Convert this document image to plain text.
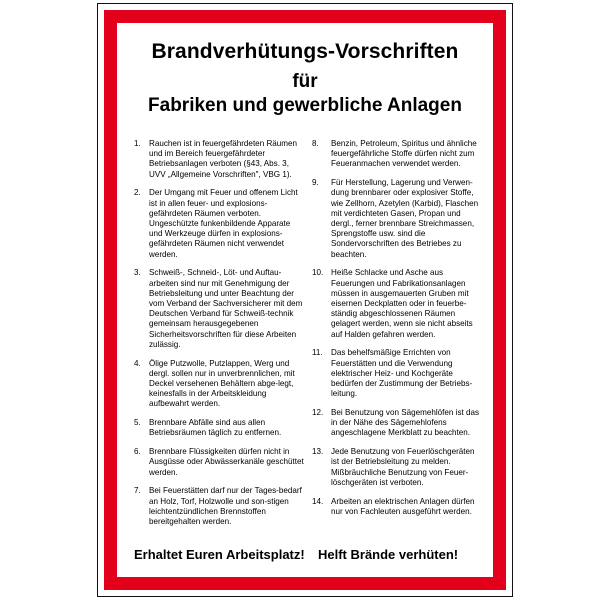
Brandverhütungs-Vorschriften
für
Fabriken und gewerbliche Anlagen
1. Rauchen ist in feuergefährdeten Räumen und im Bereich feuergefährdeter Betriebsanlagen verboten (§43, Abs. 3, UVV „Allgemeine Vorschriften", VBG 1).

2. Der Umgang mit Feuer und offenem Licht ist in allen feuer- und explosions-gefährdeten Räumen verboten. Ungeschützte funkenbildende Apparate und Werkzeuge dürfen in explosions-gefährdeten Räumen nicht verwendet werden.

3. Schweiß-, Schneid-, Löt- und Auftau-arbeiten sind nur mit Genehmigung der Betriebsleitung und unter Beachtung der vom Verband der Sachversicherer mit dem Deutschen Verband für Schweiß-technik gemeinsam herausgegebenen Sicherheitsvorschriften für diese Arbeiten zulässig.

4. Ölige Putzwolle, Putzlappen, Werg und dergl. sollen nur in unverbrennlichen, mit Deckel versehenen Behältern abge-legt, keinesfalls in der Arbeitskleidung aufbewahrt werden.

5. Brennbare Abfälle sind aus allen Betriebsräumen täglich zu entfernen.

6. Brennbare Flüssigkeiten dürfen nicht in Ausgüsse oder Abwässerkanäle geschüttet werden.

7. Bei Feuerstätten darf nur der Tages-bedarf an Holz, Torf, Holzwolle und son-stigen leichtentzündlichen Brennstoffen bereitgehalten werden.

8. Benzin, Petroleum, Spiritus und ähnliche feuergefährliche Stoffe dürfen nicht zum Feueranmachen verwendet werden.

9. Für Herstellung, Lagerung und Verwen-dung brennbarer oder explosiver Stoffe, wie Zellhorn, Azetylen (Karbid), Flaschen mit verdichteten Gasen, Propan und dergl., ferner brennbare Streichmassen, Sprengstoffe usw. sind die Sondervorschriften des Betriebes zu beachten.

10. Heiße Schlacke und Asche aus Feuerungen und Fabrikationsanlagen müssen in ausgemauerten Gruben mit eisernen Deckplatten oder in feuerbe-ständig abgeschlossenen Räumen gelagert werden, wenn sie nicht abseits auf Halden gefahren werden.

11. Das behelfsmäßige Errichten von Feuerstätten und die Verwendung elektrischer Heiz- und Kochgeräte bedürfen der Zustimmung der Betriebs-leitung.

12. Bei Benutzung von Sägemehlöfen ist das in der Nähe des Sägemehlofens angeschlagene Merkblatt zu beachten.

13. Jede Benutzung von Feuerlöschgeräten ist der Betriebsleitung zu melden. Mißbräuchliche Benutzung von Feuer-löschgeräten ist verboten.

14. Arbeiten an elektrischen Anlagen dürfen nur von Fachleuten ausgeführt werden.

Erhaltet Euren Arbeitsplatz! Helft Brände verhüten!
